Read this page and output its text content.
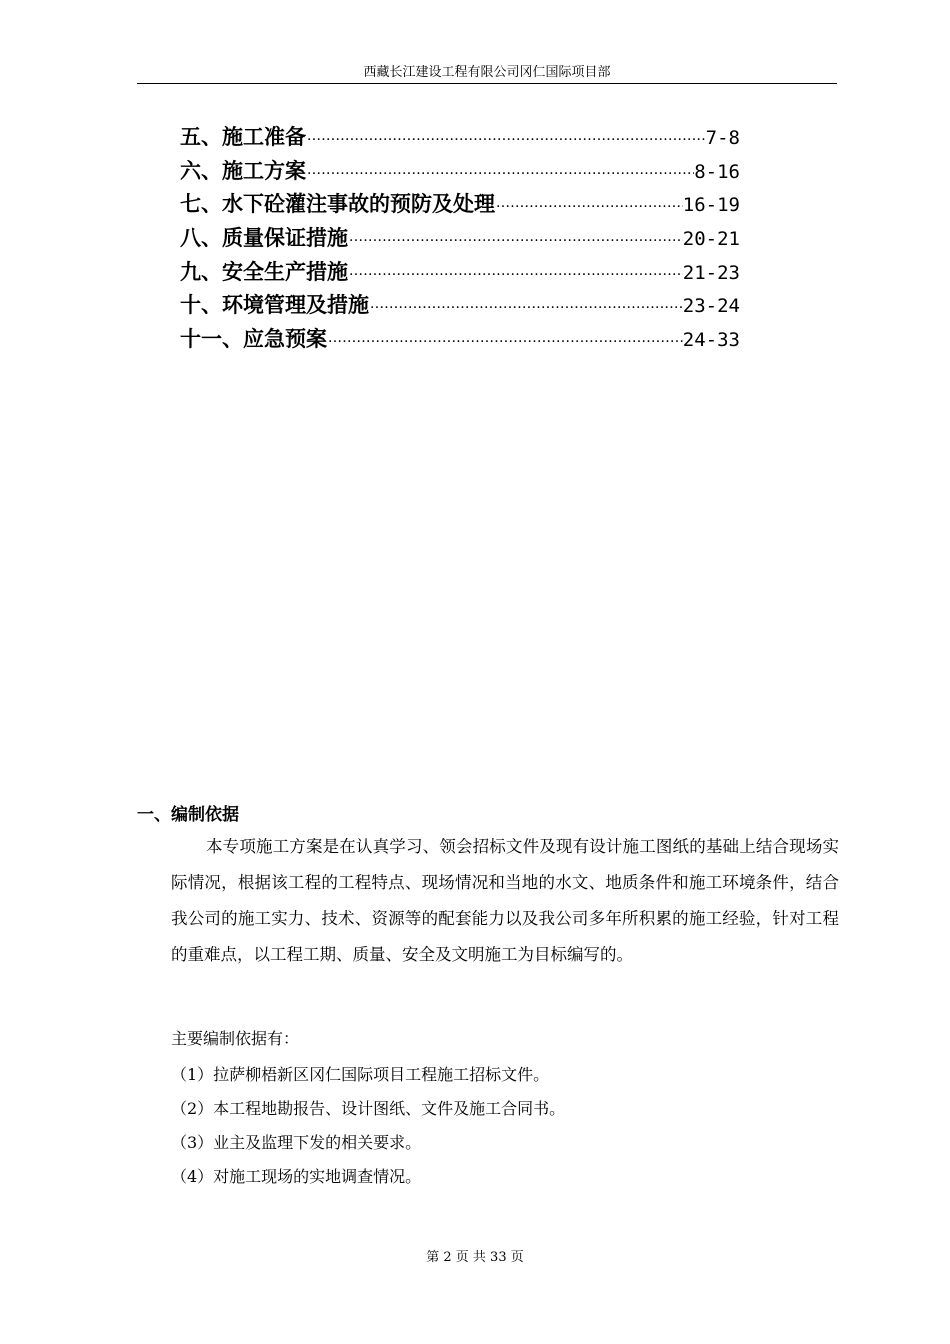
西藏长江建设工程有限公司冈仁国际项目部
五、施工准备 ·····	7-8
六、施工方案 ·····	8-16
七、水下砼灌注事故的预防及处理 ·····	16-19
八、质量保证措施 ·····	20-21
九、安全生产措施 ·····	21-23
十、环境管理及措施 ·····	23-24
十一、应急预案 ·····	24-33
一、编制依据
本专项施工方案是在认真学习、领会招标文件及现有设计施工图纸的基础上结合现场实际情况，根据该工程的工程特点、现场情况和当地的水文、地质条件和施工环境条件，结合我公司的施工实力、技术、资源等的配套能力以及我公司多年所积累的施工经验，针对工程的重难点，以工程工期、质量、安全及文明施工为目标编写的。
主要编制依据有：
（1）拉萨柳梧新区冈仁国际项目工程施工招标文件。
（2）本工程地勘报告、设计图纸、文件及施工合同书。
（3）业主及监理下发的相关要求。
（4）对施工现场的实地调查情况。
第 2 页 共 33 页
